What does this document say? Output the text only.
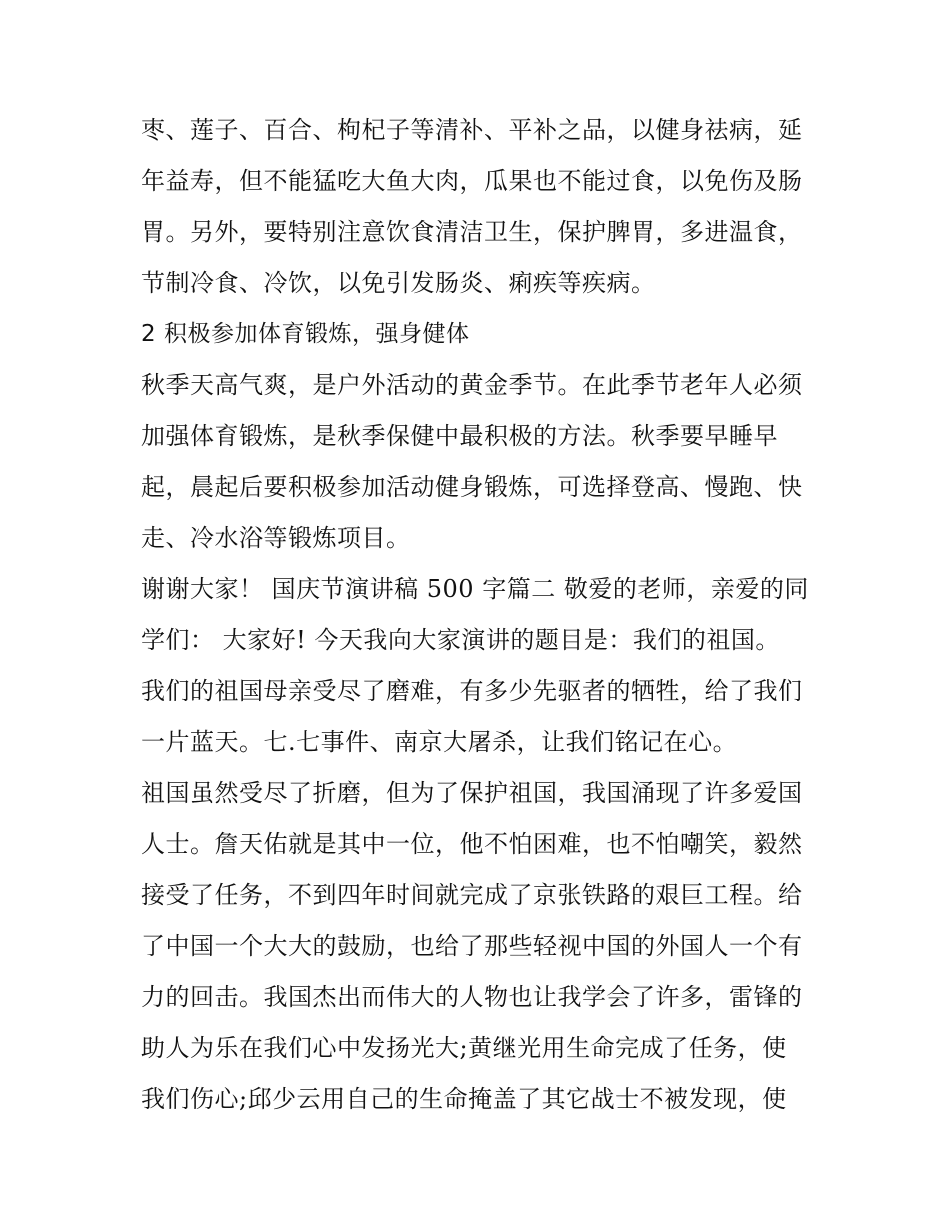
枣、莲子、百合、枸杞子等清补、平补之品，以健身祛病，延
年益寿，但不能猛吃大鱼大肉，瓜果也不能过食，以免伤及肠
胃。另外，要特别注意饮食清洁卫生，保护脾胃，多进温食，
节制冷食、冷饮，以免引发肠炎、痢疾等疾病。
2 积极参加体育锻炼，强身健体
秋季天高气爽，是户外活动的黄金季节。在此季节老年人必须
加强体育锻炼，是秋季保健中最积极的方法。秋季要早睡早
起，晨起后要积极参加活动健身锻炼，可选择登高、慢跑、快
走、冷水浴等锻炼项目。
谢谢大家！ 国庆节演讲稿 500 字篇二 敬爱的老师，亲爱的同
学们： 大家好! 今天我向大家演讲的题目是：我们的祖国。
我们的祖国母亲受尽了磨难，有多少先驱者的牺牲，给了我们
一片蓝天。七.七事件、南京大屠杀，让我们铭记在心。
祖国虽然受尽了折磨，但为了保护祖国，我国涌现了许多爱国
人士。詹天佑就是其中一位，他不怕困难，也不怕嘲笑，毅然
接受了任务，不到四年时间就完成了京张铁路的艰巨工程。给
了中国一个大大的鼓励，也给了那些轻视中国的外国人一个有
力的回击。我国杰出而伟大的人物也让我学会了许多，雷锋的
助人为乐在我们心中发扬光大;黄继光用生命完成了任务，使
我们伤心;邱少云用自己的生命掩盖了其它战士不被发现，使
